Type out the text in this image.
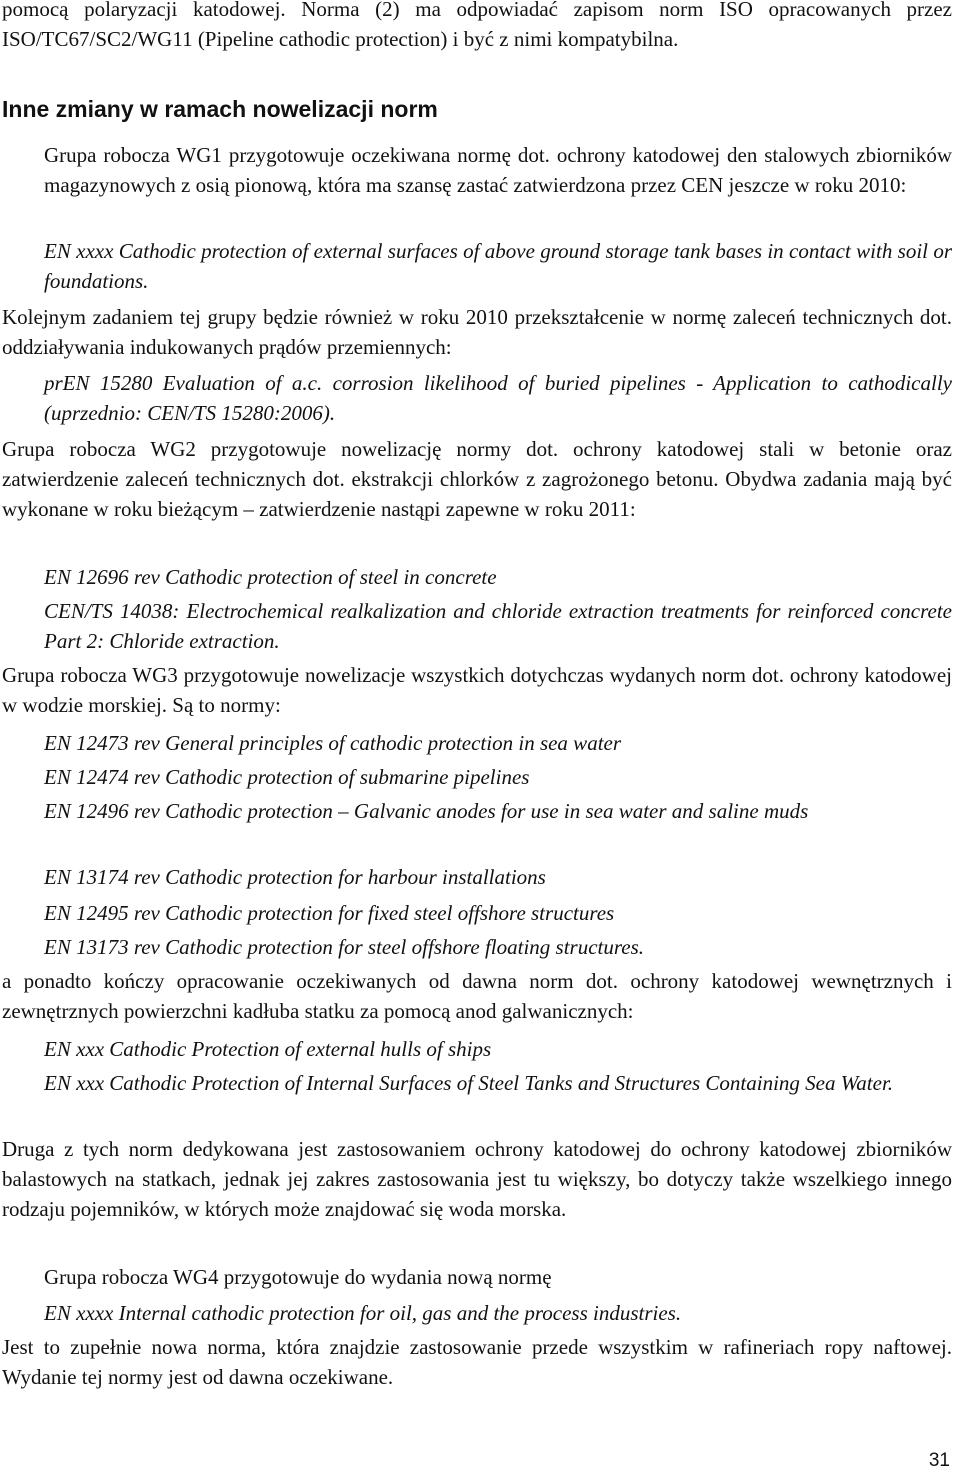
pomocą polaryzacji katodowej. Norma (2) ma odpowiadać zapisom norm ISO opracowanych przez ISO/TC67/SC2/WG11 (Pipeline cathodic protection) i być z nimi kompatybilna.

Inne zmiany w ramach nowelizacji norm

Grupa robocza WG1 przygotowuje oczekiwana normę dot. ochrony katodowej den stalowych zbiorników magazynowych z osią pionową, która ma szansę zastać zatwierdzona przez CEN jeszcze w roku 2010:

EN xxxx Cathodic protection of external surfaces of above ground storage tank bases in contact with soil or foundations.

Kolejnym zadaniem tej grupy będzie również w roku 2010 przekształcenie w normę zaleceń technicznych dot. oddziaływania indukowanych prądów przemiennych:

prEN 15280 Evaluation of a.c. corrosion likelihood of buried pipelines - Application to cathodically (uprzednio: CEN/TS 15280:2006).

Grupa robocza WG2 przygotowuje nowelizację normy dot. ochrony katodowej stali w betonie oraz zatwierdzenie zaleceń technicznych dot. ekstrakcji chlorków z zagrożonego betonu. Obydwa zadania mają być wykonane w roku bieżącym – zatwierdzenie nastąpi zapewne w roku 2011:

EN 12696 rev Cathodic protection of steel in concrete

CEN/TS 14038: Electrochemical realkalization and chloride extraction treatments for reinforced concrete Part 2: Chloride extraction.

Grupa robocza WG3 przygotowuje nowelizacje wszystkich dotychczas wydanych norm dot. ochrony katodowej w wodzie morskiej. Są to normy:

EN 12473 rev General principles of cathodic protection in sea water

EN 12474 rev Cathodic protection of submarine pipelines

EN 12496 rev Cathodic protection – Galvanic anodes for use in sea water and saline muds

EN 13174 rev Cathodic protection for harbour installations

EN 12495 rev Cathodic protection for fixed steel offshore structures

EN 13173 rev Cathodic protection for steel offshore floating structures.

a ponadto kończy opracowanie oczekiwanych od dawna norm dot. ochrony katodowej wewnętrznych i zewnętrznych powierzchni kadłuba statku za pomocą anod galwanicznych:

EN xxx Cathodic Protection of external hulls of ships

EN xxx Cathodic Protection of Internal Surfaces of Steel Tanks and Structures Containing Sea Water.

Druga z tych norm dedykowana jest zastosowaniem ochrony katodowej do ochrony katodowej zbiorników balastowych na statkach, jednak jej zakres zastosowania jest tu większy, bo dotyczy także wszelkiego innego rodzaju pojemników, w których może znajdować się woda morska.

Grupa robocza WG4 przygotowuje do wydania nową normę

EN xxxx Internal cathodic protection for oil, gas and the process industries.

Jest to zupełnie nowa norma, która znajdzie zastosowanie przede wszystkim w rafineriach ropy naftowej. Wydanie tej normy jest od dawna oczekiwane.

31
